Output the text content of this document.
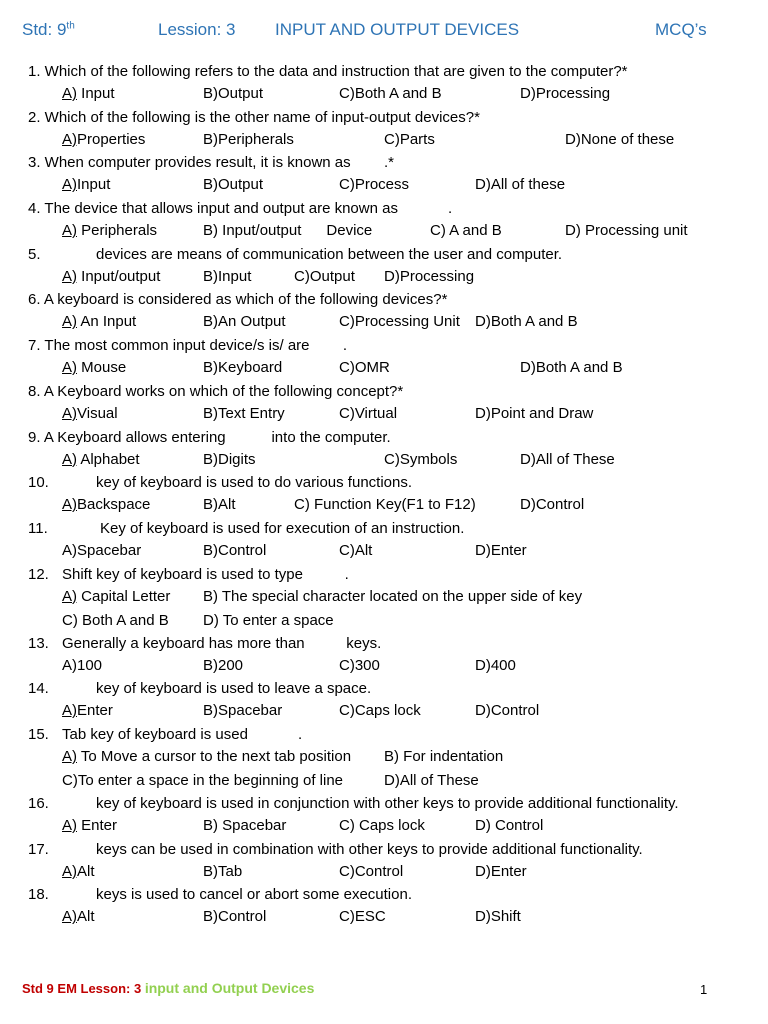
Std: 9th	Lession: 3 INPUT AND OUTPUT DEVICES	MCQ’s
1. Which of the following refers to the data and instruction that are given to the computer?*
A) Input	B)Output	C)Both A and B	D)Processing
2. Which of the following is the other name of input-output devices?*
A)Properties	B)Peripherals	C)Parts	D)None of these
3. When computer provides result, it is known as        .*
A)Input	B)Output	C)Process	D)All of these
4. The device that allows input and output are known as            .
A) Peripherals	B) Input/output      Device	C) A and B	D) Processing unit
5.	devices are means of communication between the user and computer.
A) Input/output	B)Input	C)Output D)Processing
6. A keyboard is considered as which of the following devices?*
A) An Input	B)An Output	C)Processing Unit D)Both A and B
7. The most common input device/s is/ are        .
A) Mouse	B)Keyboard	C)OMR	D)Both A and B
8. A Keyboard works on which of the following concept?*
A)Visual	B)Text Entry	C)Virtual	D)Point and Draw
9. A Keyboard allows entering           into the computer.
A) Alphabet	B)Digits	C)Symbols	D)All of These
10.	key of keyboard is used to do various functions.
A)Backspace	B)Alt	C) Function Key(F1 to F12)	D)Control
11.	Key of keyboard is used for execution of an instruction.
A)Spacebar	B)Control	C)Alt	D)Enter
12. Shift key of keyboard is used to type          .
A) Capital Letter B) The special character located on the upper side of key
C) Both A and B D) To enter a space
13. Generally a keyboard has more than          keys.
A)100	B)200	C)300	D)400
14.	key of keyboard is used to leave a space.
A)Enter	B)Spacebar	C)Caps lock	D)Control
15. Tab key of keyboard is used            .
A) To Move a cursor to the next tab position B) For indentation
C)To enter a space in the beginning of line	D)All of These
16.	key of keyboard is used in conjunction with other keys to provide additional functionality.
A) Enter	B) Spacebar	C) Caps lock	D) Control
17.	keys can be used in combination with other keys to provide additional functionality.
A)Alt	B)Tab	C)Control	D)Enter
18.	keys is used to cancel or abort some execution.
A)Alt	B)Control	C)ESC	D)Shift
Std 9 EM Lesson: 3 input and Output Devices	1
